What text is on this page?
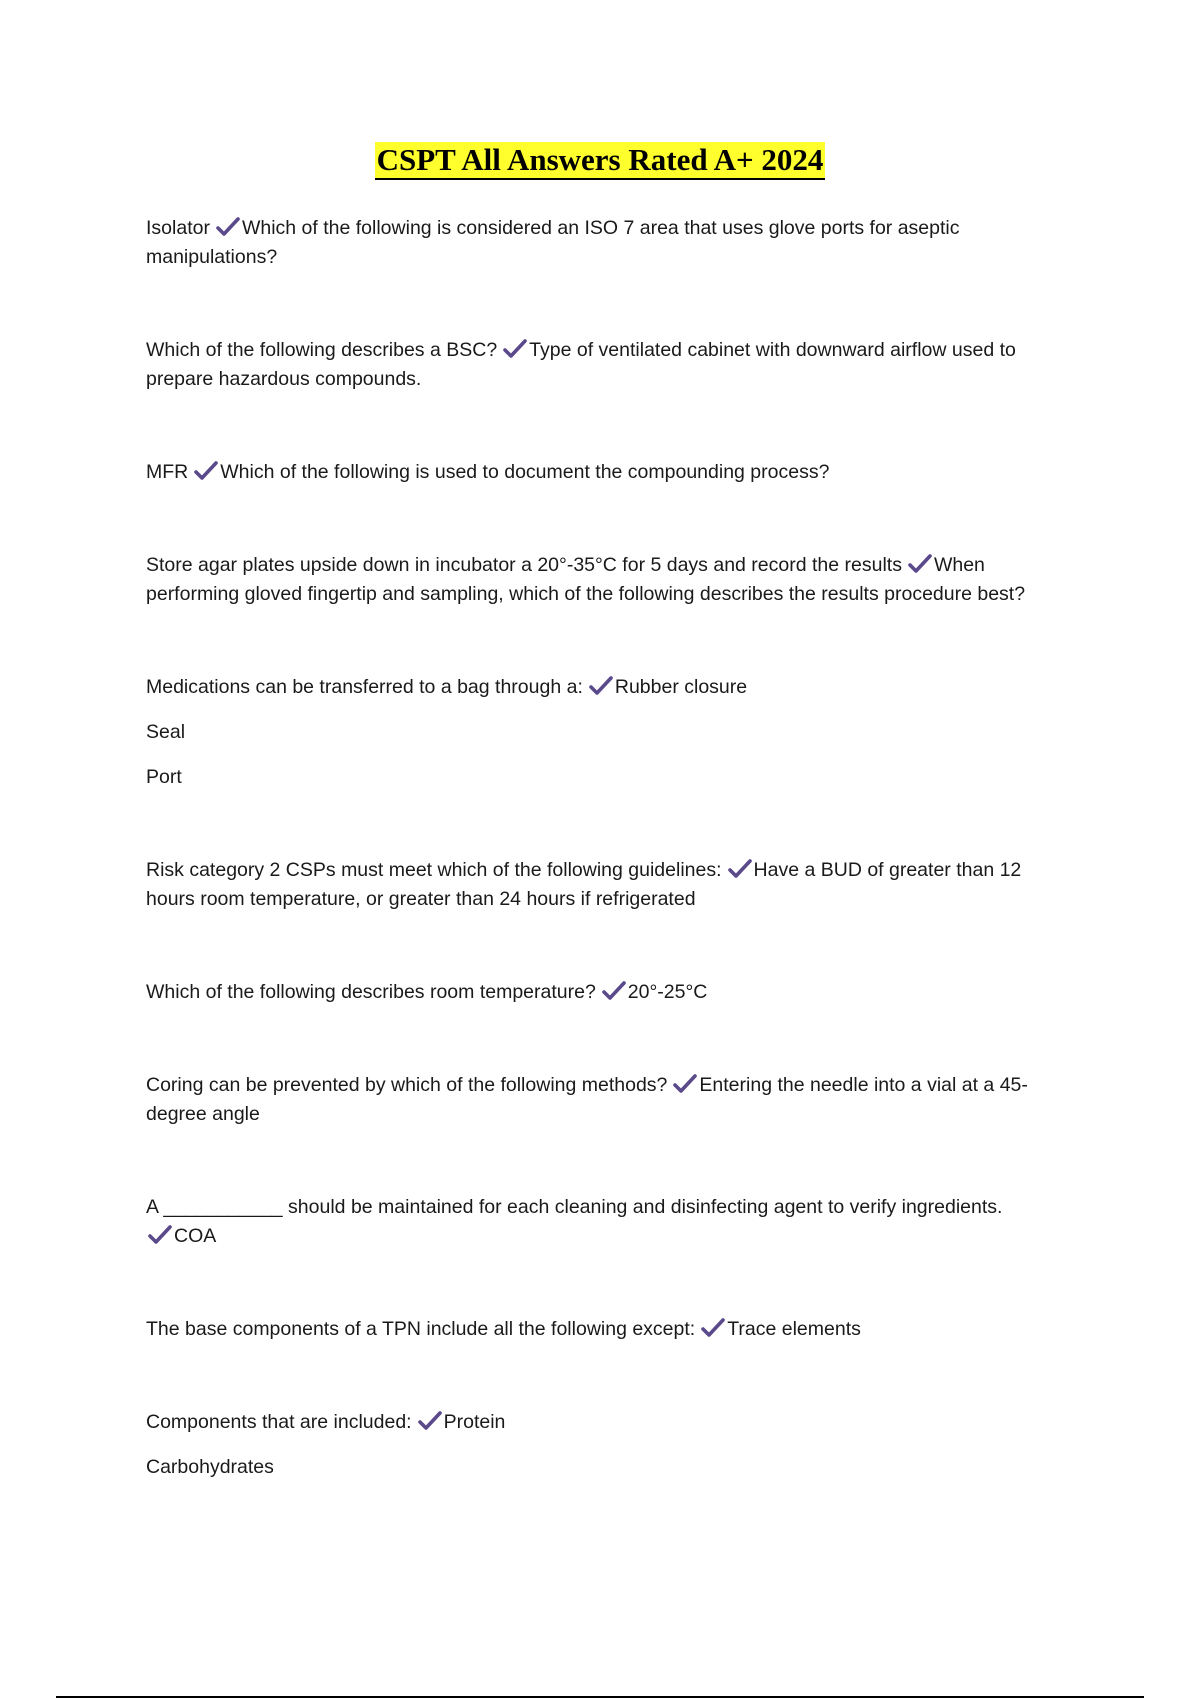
CSPT All Answers Rated A+ 2024

Isolator Which of the following is considered an ISO 7 area that uses glove ports for aseptic manipulations?

Which of the following describes a BSC? Type of ventilated cabinet with downward airflow used to prepare hazardous compounds.

MFR Which of the following is used to document the compounding process?

Store agar plates upside down in incubator a 20°-35°C for 5 days and record the results When performing gloved fingertip and sampling, which of the following describes the results procedure best?

Medications can be transferred to a bag through a: Rubber closure

Seal

Port

Risk category 2 CSPs must meet which of the following guidelines: Have a BUD of greater than 12 hours room temperature, or greater than 24 hours if refrigerated

Which of the following describes room temperature? 20°-25°C

Coring can be prevented by which of the following methods? Entering the needle into a vial at a 45-degree angle

A ___________ should be maintained for each cleaning and disinfecting agent to verify ingredients.

COA

The base components of a TPN include all the following except: Trace elements

Components that are included: Protein

Carbohydrates
